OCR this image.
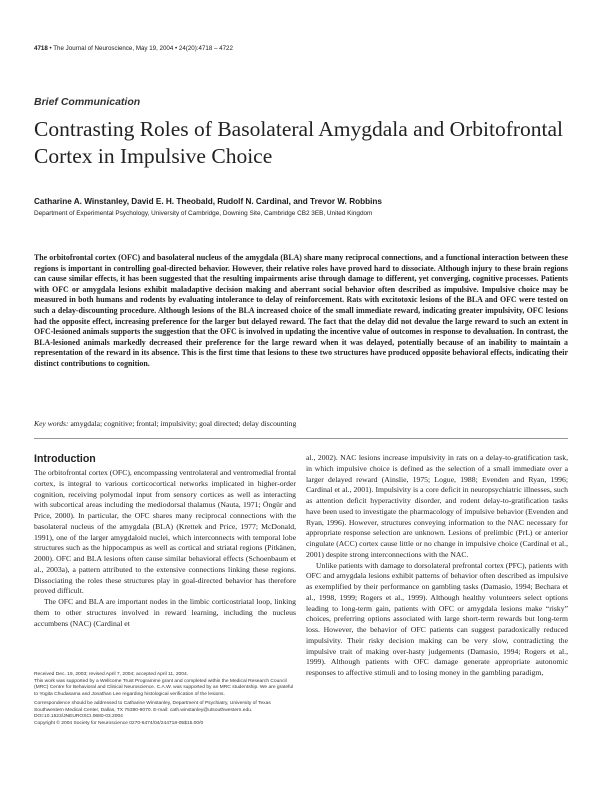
4718 • The Journal of Neuroscience, May 19, 2004 • 24(20):4718 – 4722
Brief Communication
Contrasting Roles of Basolateral Amygdala and Orbitofrontal Cortex in Impulsive Choice
Catharine A. Winstanley, David E. H. Theobald, Rudolf N. Cardinal, and Trevor W. Robbins
Department of Experimental Psychology, University of Cambridge, Downing Site, Cambridge CB2 3EB, United Kingdom

The orbitofrontal cortex (OFC) and basolateral nucleus of the amygdala (BLA) share many reciprocal connections, and a functional interaction between these regions is important in controlling goal-directed behavior. However, their relative roles have proved hard to dissociate. Although injury to these brain regions can cause similar effects, it has been suggested that the resulting impairments arise through damage to different, yet converging, cognitive processes. Patients with OFC or amygdala lesions exhibit maladaptive decision making and aberrant social behavior often described as impulsive. Impulsive choice may be measured in both humans and rodents by evaluating intolerance to delay of reinforcement. Rats with excitotoxic lesions of the BLA and OFC were tested on such a delay-discounting procedure. Although lesions of the BLA increased choice of the small immediate reward, indicating greater impulsivity, OFC lesions had the opposite effect, increasing preference for the larger but delayed reward. The fact that the delay did not devalue the large reward to such an extent in OFC-lesioned animals supports the suggestion that the OFC is involved in updating the incentive value of outcomes in response to devaluation. In contrast, the BLA-lesioned animals markedly decreased their preference for the large reward when it was delayed, potentially because of an inability to maintain a representation of the reward in its absence. This is the first time that lesions to these two structures have produced opposite behavioral effects, indicating their distinct contributions to cognition.

Key words: amygdala; cognitive; frontal; impulsivity; goal directed; delay discounting
Introduction

The orbitofrontal cortex (OFC), encompassing ventrolateral and ventromedial frontal cortex, is integral to various corticocortical networks implicated in higher-order cognition, receiving polymodal input from sensory cortices as well as interacting with subcortical areas including the mediodorsal thalamus (Nauta, 1971; Öngür and Price, 2000). In particular, the OFC shares many reciprocal connections with the basolateral nucleus of the amygdala (BLA) (Krettek and Price, 1977; McDonald, 1991), one of the larger amygdaloid nuclei, which interconnects with temporal lobe structures such as the hippocampus as well as cortical and striatal regions (Pitkänen, 2000). OFC and BLA lesions often cause similar behavioral effects (Schoenbaum et al., 2003a), a pattern attributed to the extensive connections linking these regions. Dissociating the roles these structures play in goal-directed behavior has therefore proved difficult.

The OFC and BLA are important nodes in the limbic corticostriatal loop, linking them to other structures involved in reward learning, including the nucleus accumbens (NAC) (Cardinal et

al., 2002). NAC lesions increase impulsivity in rats on a delay-to-gratification task, in which impulsive choice is defined as the selection of a small immediate over a larger delayed reward (Ainslie, 1975; Logue, 1988; Evenden and Ryan, 1996; Cardinal et al., 2001). Impulsivity is a core deficit in neuropsychiatric illnesses, such as attention deficit hyperactivity disorder, and rodent delay-to-gratification tasks have been used to investigate the pharmacology of impulsive behavior (Evenden and Ryan, 1996). However, structures conveying information to the NAC necessary for appropriate response selection are unknown. Lesions of prelimbic (PrL) or anterior cingulate (ACC) cortex cause little or no change in impulsive choice (Cardinal et al., 2001) despite strong interconnections with the NAC.

Unlike patients with damage to dorsolateral prefrontal cortex (PFC), patients with OFC and amygdala lesions exhibit patterns of behavior often described as impulsive as exemplified by their performance on gambling tasks (Damasio, 1994; Bechara et al., 1998, 1999; Rogers et al., 1999). Although healthy volunteers select options leading to long-term gain, patients with OFC or amygdala lesions make “risky” choices, preferring options associated with large short-term rewards but long-term loss. However, the behavior of OFC patients can suggest paradoxically reduced impulsivity. Their risky decision making can be very slow, contradicting the impulsive trait of making over-hasty judgements (Damasio, 1994; Rogers et al., 1999). Although patients with OFC damage generate appropriate autonomic responses to affective stimuli and to losing money in the gambling paradigm,

Received Dec. 19, 2003; revised April 7, 2004; accepted April 11, 2004.

This work was supported by a Wellcome Trust Programme grant and completed within the Medical Research Council (MRC) Centre for Behavioral and Clinical Neuroscience. C.A.W. was supported by an MRC studentship. We are grateful to Yogita Chudasama and Jonathan Lee regarding histological verification of the lesions.

Correspondence should be addressed to Catharine Winstanley, Department of Psychiatry, University of Texas Southwestern Medical Center, Dallas, TX 75390-9070. E-mail: cath.winstanley@utsouthwestern.edu.

DOI:10.1523/JNEUROSCI.0680-03.2004

Copyright © 2004 Society for Neuroscience 0270-6474/04/244718-05$15.00/0
